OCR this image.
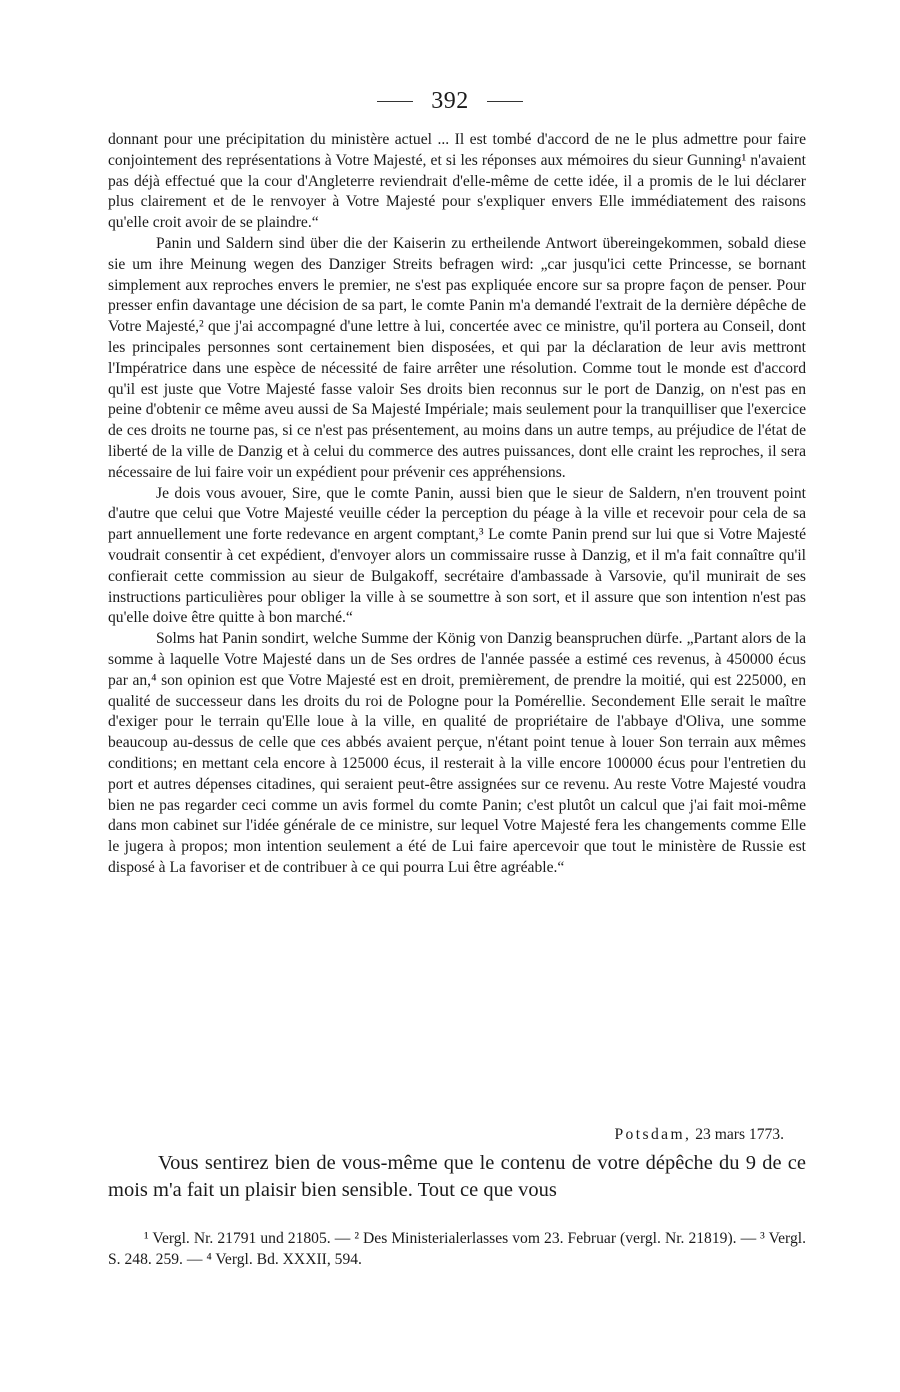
392

donnant pour une précipitation du ministère actuel ... Il est tombé d'accord de ne le plus admettre pour faire conjointement des représentations à Votre Majesté, et si les réponses aux mémoires du sieur Gunning¹ n'avaient pas déjà effectué que la cour d'Angleterre reviendrait d'elle-même de cette idée, il a promis de le lui déclarer plus clairement et de le renvoyer à Votre Majesté pour s'expliquer envers Elle immédiatement des raisons qu'elle croit avoir de se plaindre.“

Panin und Saldern sind über die der Kaiserin zu ertheilende Antwort übereingekommen, sobald diese sie um ihre Meinung wegen des Danziger Streits befragen wird: „car jusqu'ici cette Princesse, se bornant simplement aux reproches envers le premier, ne s'est pas expliquée encore sur sa propre façon de penser. Pour presser enfin davantage une décision de sa part, le comte Panin m'a demandé l'extrait de la dernière dépêche de Votre Majesté,² que j'ai accompagné d'une lettre à lui, concertée avec ce ministre, qu'il portera au Conseil, dont les principales personnes sont certainement bien disposées, et qui par la déclaration de leur avis mettront l'Impératrice dans une espèce de nécessité de faire arrêter une résolution. Comme tout le monde est d'accord qu'il est juste que Votre Majesté fasse valoir Ses droits bien reconnus sur le port de Danzig, on n'est pas en peine d'obtenir ce même aveu aussi de Sa Majesté Impériale; mais seulement pour la tranquilliser que l'exercice de ces droits ne tourne pas, si ce n'est pas présentement, au moins dans un autre temps, au préjudice de l'état de liberté de la ville de Danzig et à celui du commerce des autres puissances, dont elle craint les reproches, il sera nécessaire de lui faire voir un expédient pour prévenir ces appréhensions.

Je dois vous avouer, Sire, que le comte Panin, aussi bien que le sieur de Saldern, n'en trouvent point d'autre que celui que Votre Majesté veuille céder la perception du péage à la ville et recevoir pour cela de sa part annuellement une forte redevance en argent comptant,³ Le comte Panin prend sur lui que si Votre Majesté voudrait consentir à cet expédient, d'envoyer alors un commissaire russe à Danzig, et il m'a fait connaître qu'il confierait cette commission au sieur de Bulgakoff, secrétaire d'ambassade à Varsovie, qu'il munirait de ses instructions particulières pour obliger la ville à se soumettre à son sort, et il assure que son intention n'est pas qu'elle doive être quitte à bon marché.“

Solms hat Panin sondirt, welche Summe der König von Danzig beanspruchen dürfe. „Partant alors de la somme à laquelle Votre Majesté dans un de Ses ordres de l'année passée a estimé ces revenus, à 450000 écus par an,⁴ son opinion est que Votre Majesté est en droit, premièrement, de prendre la moitié, qui est 225000, en qualité de successeur dans les droits du roi de Pologne pour la Pomérellie. Secondement Elle serait le maître d'exiger pour le terrain qu'Elle loue à la ville, en qualité de propriétaire de l'abbaye d'Oliva, une somme beaucoup au-dessus de celle que ces abbés avaient perçue, n'étant point tenue à louer Son terrain aux mêmes conditions; en mettant cela encore à 125000 écus, il resterait à la ville encore 100000 écus pour l'entretien du port et autres dépenses citadines, qui seraient peut-être assignées sur ce revenu. Au reste Votre Majesté voudra bien ne pas regarder ceci comme un avis formel du comte Panin; c'est plutôt un calcul que j'ai fait moi-même dans mon cabinet sur l'idée générale de ce ministre, sur lequel Votre Majesté fera les changements comme Elle le jugera à propos; mon intention seulement a été de Lui faire apercevoir que tout le ministère de Russie est disposé à La favoriser et de contribuer à ce qui pourra Lui être agréable.“

Potsdam, 23 mars 1773.

Vous sentirez bien de vous-même que le contenu de votre dépêche du 9 de ce mois m'a fait un plaisir bien sensible. Tout ce que vous

¹ Vergl. Nr. 21791 und 21805. — ² Des Ministerialerlasses vom 23. Februar (vergl. Nr. 21819). — ³ Vergl. S. 248. 259. — ⁴ Vergl. Bd. XXXII, 594.
